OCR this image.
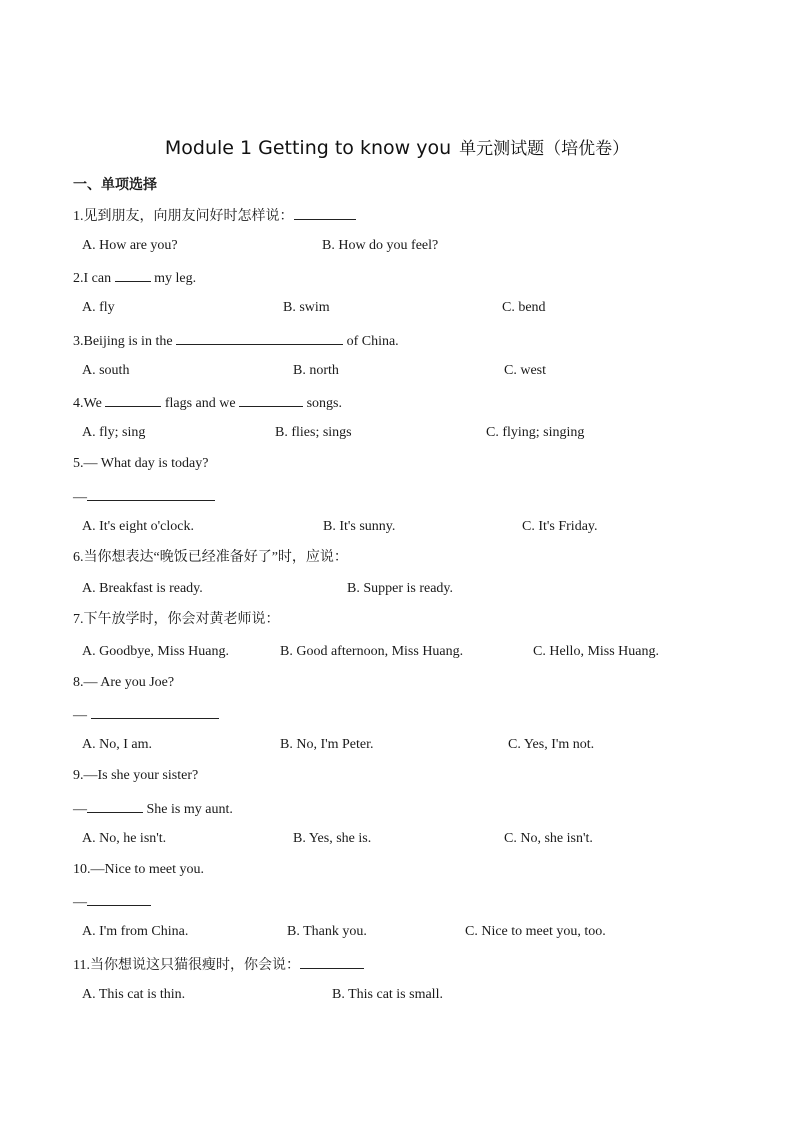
Module 1 Getting to know you 单元测试题（培优卷）
一、单项选择
1.见到朋友，向朋友问好时怎样说：
A. How are you?	B. How do you feel?
2.I can	my leg.
A. fly	B. swim	C. bend
3.Beijing is in the	of China.
A. south	B. north	C. west
4.We	flags and we	songs.
A. fly; sing	B. flies; sings	C. flying; singing
5.— What day is today?
—
A. It's eight o'clock.	B. It's sunny.	C. It's Friday.
6.当你想表达“晚饭已经准备好了”时，应说：
A. Breakfast is ready.	B. Supper is ready.
7.下午放学时，你会对黄老师说：
A. Goodbye, Miss Huang.	B. Good afternoon, Miss Huang.	C. Hello, Miss Huang.
8.— Are you Joe?
—
A. No, I am.	B. No, I'm Peter.	C. Yes, I'm not.
9.—Is she your sister?
—	She is my aunt.
A. No, he isn't.	B. Yes, she is.	C. No, she isn't.
10.—Nice to meet you.
—
A. I'm from China.	B. Thank you.	C. Nice to meet you, too.
11.当你想说这只猫很瘦时，你会说：
A. This cat is thin.	B. This cat is small.
